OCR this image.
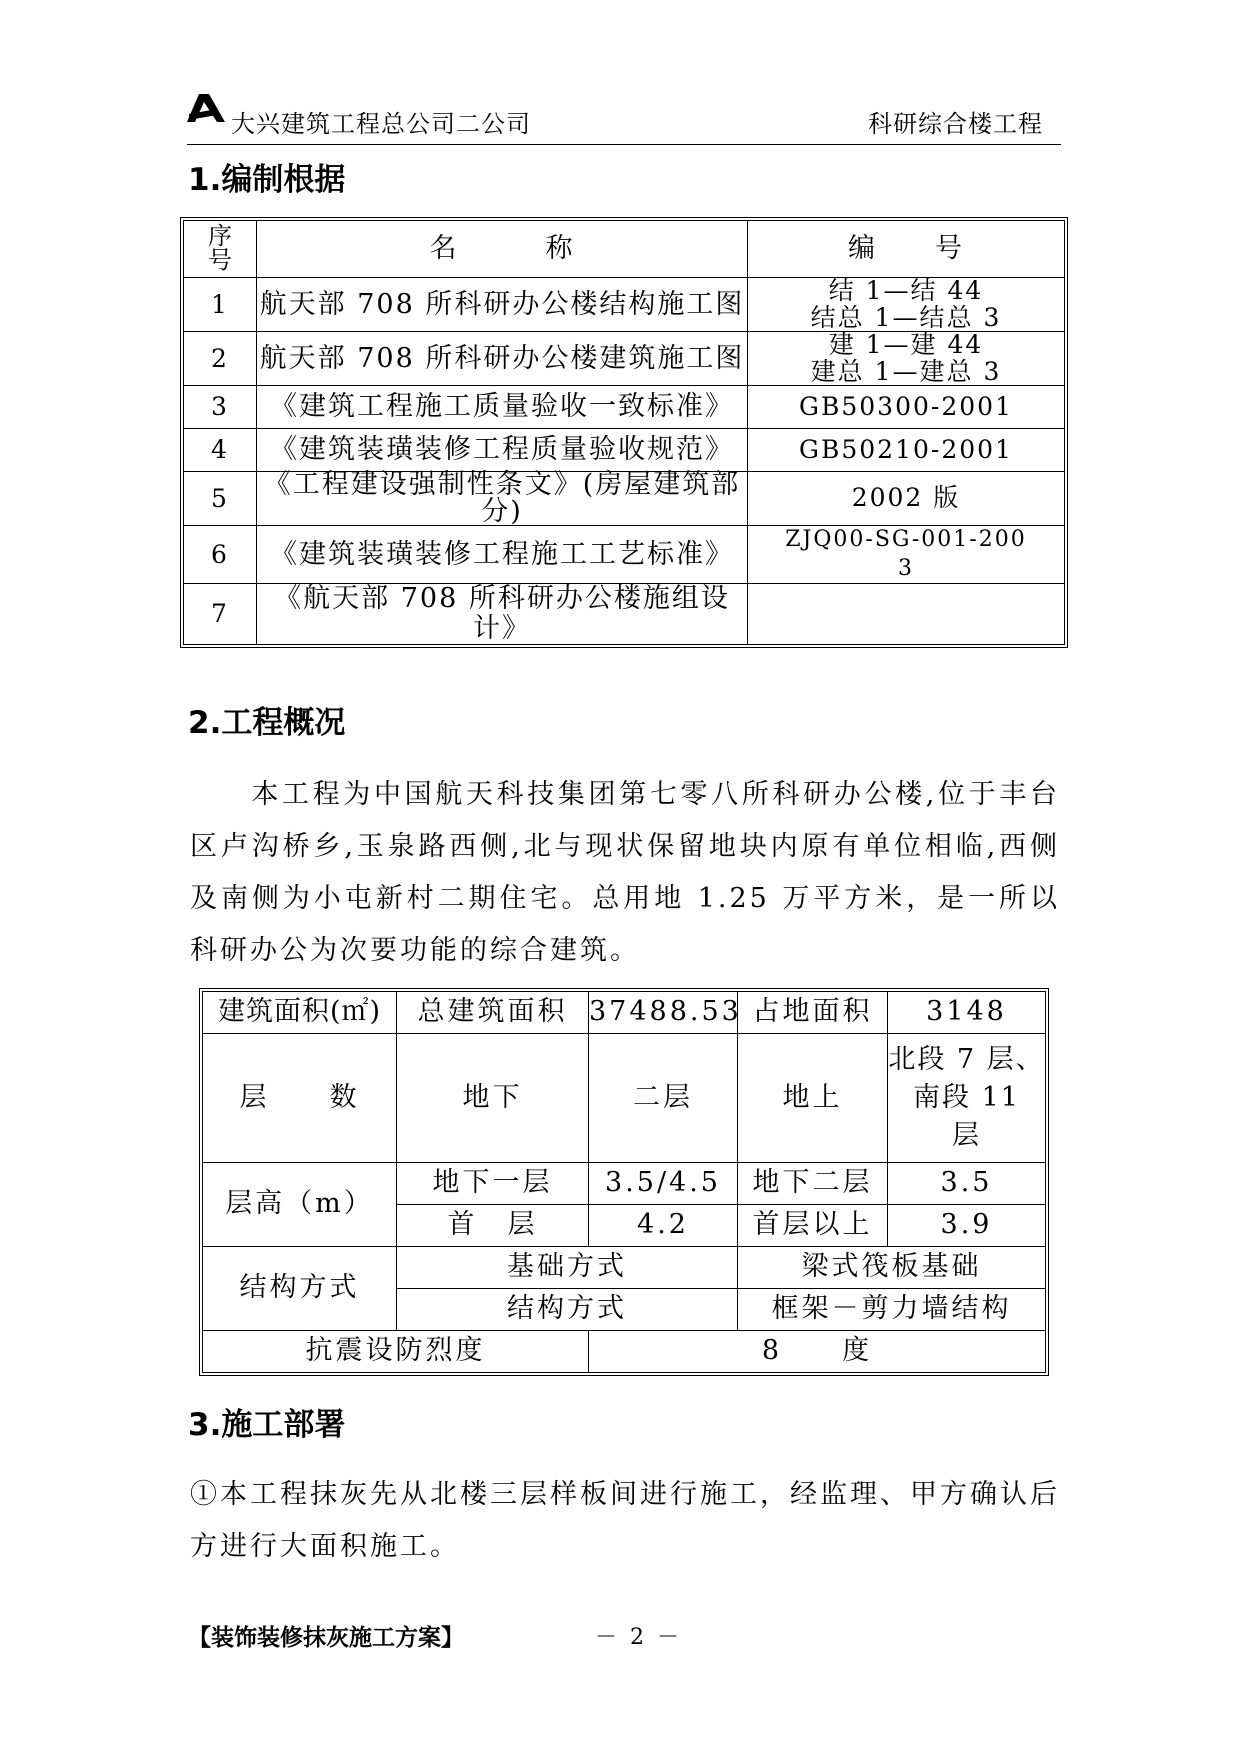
大兴建筑工程总公司二公司	科研综合楼工程
1.编制根据
序
号	名　　　称	编　　号
1	航天部 708 所科研办公楼结构施工图	结 1—结 44
结总 1—结总 3

2	航天部 708 所科研办公楼建筑施工图	建 1—建 44
建总 1—建总 3

3	《建筑工程施工质量验收一致标准》	GB50300-2001
4	《建筑装璜装修工程质量验收规范》	GB50210-2001
5	《工程建设强制性条文》(房屋建筑部
分)	2002 版
6	《建筑装璜装修工程施工工艺标准》	ZJQ00-SG-001-200
3

7	《航天部 708 所科研办公楼施组设计》	
2.工程概况
　　本工程为中国航天科技集团第七零八所科研办公楼,位于丰台区卢沟桥乡,玉泉路西侧,北与现状保留地块内原有单位相临,西侧及南侧为小屯新村二期住宅。总用地 1.25 万平方米，是一所以科研办公为次要功能的综合建筑。
建筑面积(㎡)	总建筑面积	37488.53	占地面积	3148
层　　数	地下	二层	地上	北段 7 层、
南段 11
层

层高（m）	地下一层	3.5/4.5	地下二层	3.5
	首　层	4.2	首层以上	3.9
结构方式	基础方式		梁式筏板基础	
	结构方式		框架－剪力墙结构	
抗震设防烈度		8　　度		
3.施工部署
①本工程抹灰先从北楼三层样板间进行施工，经监理、甲方确认后方进行大面积施工。
【装饰装修抹灰施工方案】	－ 2 －
